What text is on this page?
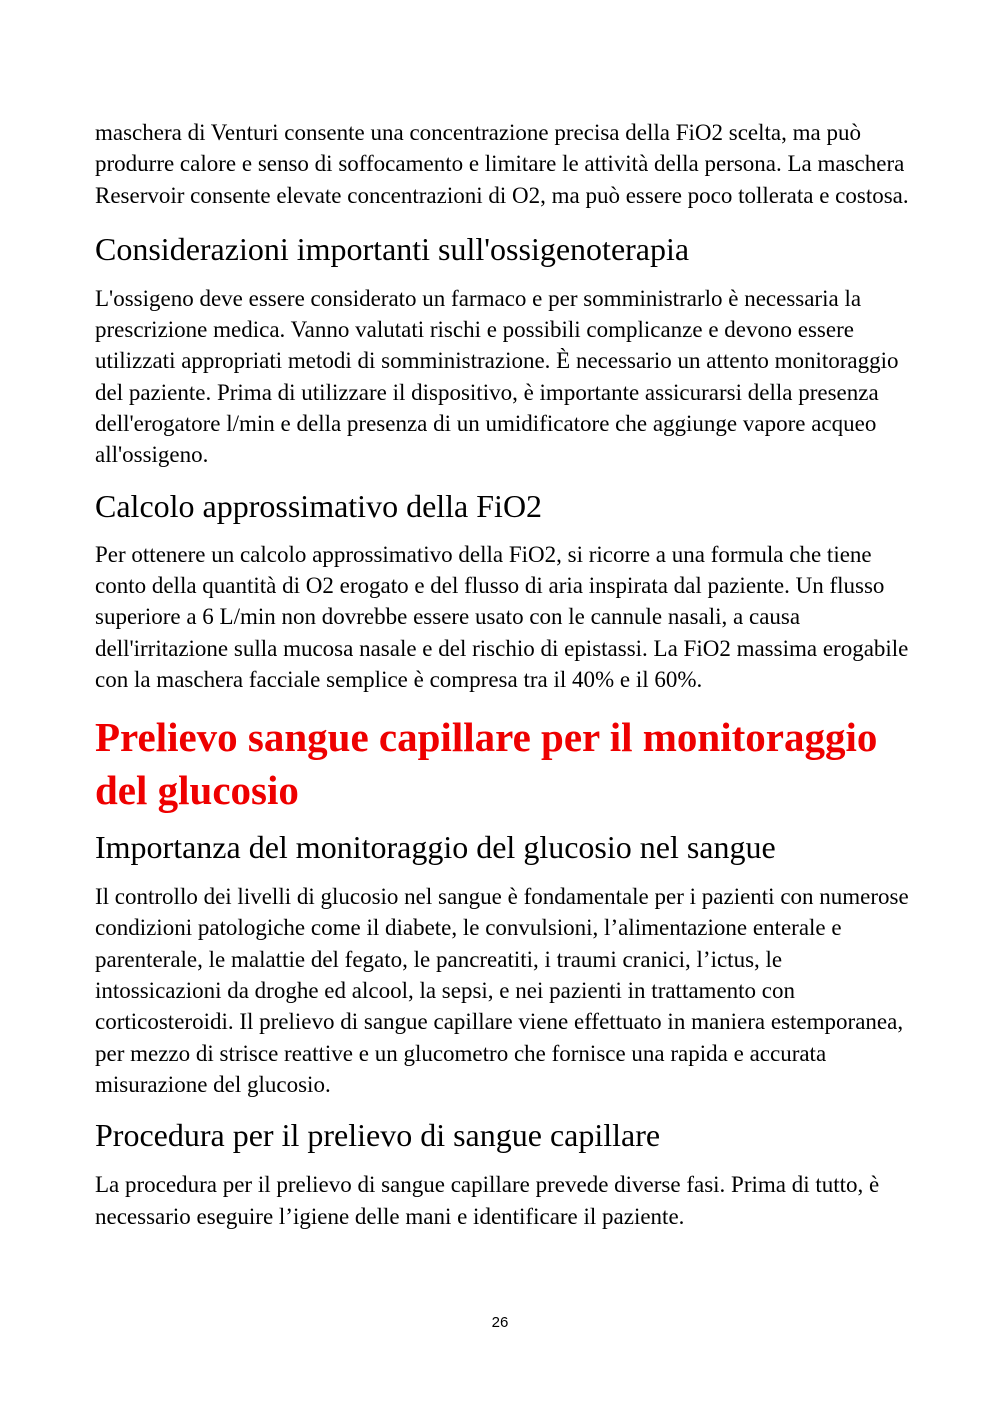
maschera di Venturi consente una concentrazione precisa della FiO2 scelta, ma può produrre calore e senso di soffocamento e limitare le attività della persona. La maschera Reservoir consente elevate concentrazioni di O2, ma può essere poco tollerata e costosa.

Considerazioni importanti sull'ossigenoterapia

L'ossigeno deve essere considerato un farmaco e per somministrarlo è necessaria la prescrizione medica. Vanno valutati rischi e possibili complicanze e devono essere utilizzati appropriati metodi di somministrazione. È necessario un attento monitoraggio del paziente. Prima di utilizzare il dispositivo, è importante assicurarsi della presenza dell'erogatore l/min e della presenza di un umidificatore che aggiunge vapore acqueo all'ossigeno.

Calcolo approssimativo della FiO2

Per ottenere un calcolo approssimativo della FiO2, si ricorre a una formula che tiene conto della quantità di O2 erogato e del flusso di aria inspirata dal paziente. Un flusso superiore a 6 L/min non dovrebbe essere usato con le cannule nasali, a causa dell'irritazione sulla mucosa nasale e del rischio di epistassi. La FiO2 massima erogabile con la maschera facciale semplice è compresa tra il 40% e il 60%.

Prelievo sangue capillare per il monitoraggio del glucosio
Importanza del monitoraggio del glucosio nel sangue

Il controllo dei livelli di glucosio nel sangue è fondamentale per i pazienti con numerose condizioni patologiche come il diabete, le convulsioni, l’alimentazione enterale e parenterale, le malattie del fegato, le pancreatiti, i traumi cranici, l’ictus, le intossicazioni da droghe ed alcool, la sepsi, e nei pazienti in trattamento con corticosteroidi. Il prelievo di sangue capillare viene effettuato in maniera estemporanea, per mezzo di strisce reattive e un glucometro che fornisce una rapida e accurata misurazione del glucosio.

Procedura per il prelievo di sangue capillare

La procedura per il prelievo di sangue capillare prevede diverse fasi. Prima di tutto, è necessario eseguire l’igiene delle mani e identificare il paziente.

26
